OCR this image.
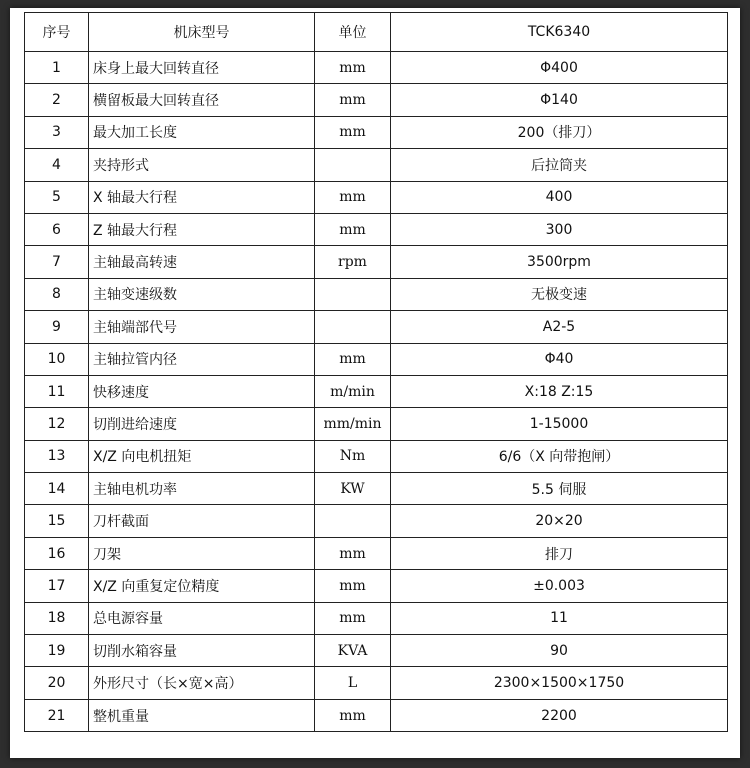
序号	机床型号	单位	TCK6340
1	床身上最大回转直径	mm	Φ400
2	横留板最大回转直径	mm	Φ140
3	最大加工长度	mm	200（排刀）
4	夹持形式		后拉筒夹
5	X 轴最大行程	mm	400
6	Z 轴最大行程	mm	300
7	主轴最高转速	rpm	3500rpm
8	主轴变速级数		无极变速
9	主轴端部代号		A2-5
10	主轴拉管内径	mm	Φ40
11	快移速度	m/min	X:18 Z:15
12	切削进给速度	mm/min	1-15000
13	X/Z 向电机扭矩	Nm	6/6（X 向带抱闸）
14	主轴电机功率	KW	5.5 伺服
15	刀杆截面		20×20
16	刀架	mm	排刀
17	X/Z 向重复定位精度	mm	±0.003
18	总电源容量	mm	11
19	切削水箱容量	KVA	90
20	外形尺寸（长×宽×高）	L	2300×1500×1750
21	整机重量	mm	2200
